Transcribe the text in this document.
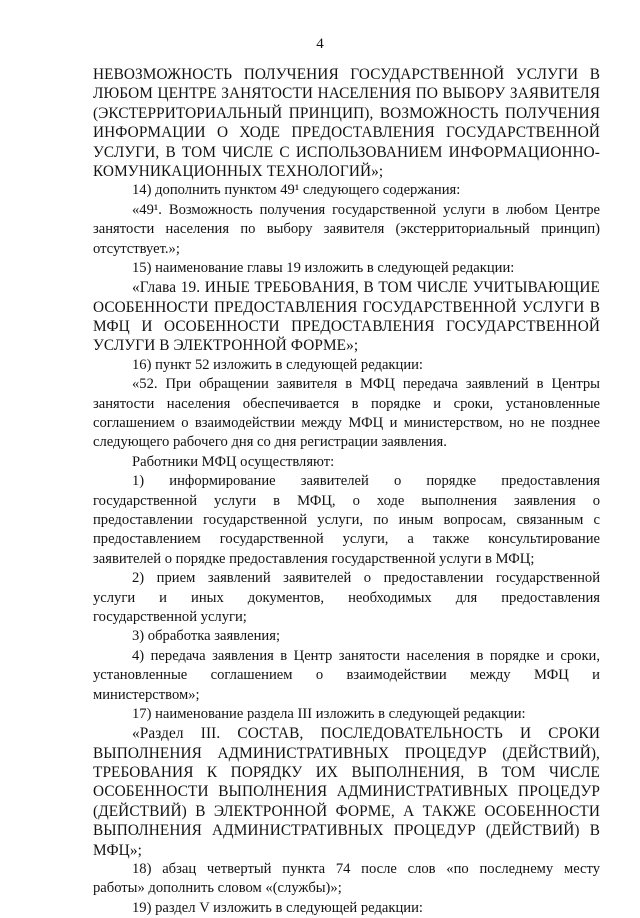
4
НЕВОЗМОЖНОСТЬ ПОЛУЧЕНИЯ ГОСУДАРСТВЕННОЙ УСЛУГИ В
ЛЮБОМ ЦЕНТРЕ ЗАНЯТОСТИ НАСЕЛЕНИЯ ПО ВЫБОРУ ЗАЯВИТЕЛЯ
(ЭКСТЕРРИТОРИАЛЬНЫЙ ПРИНЦИП), ВОЗМОЖНОСТЬ ПОЛУЧЕНИЯ
ИНФОРМАЦИИ О ХОДЕ ПРЕДОСТАВЛЕНИЯ ГОСУДАРСТВЕННОЙ
УСЛУГИ, В ТОМ ЧИСЛЕ С ИСПОЛЬЗОВАНИЕМ ИНФОРМАЦИОННО-
КОМУНИКАЦИОННЫХ ТЕХНОЛОГИЙ»;
14) дополнить пунктом 49¹ следующего содержания:
«49¹. Возможность получения государственной услуги в любом Центре
занятости населения по выбору заявителя (экстерриториальный принцип)
отсутствует.»;
15) наименование главы 19 изложить в следующей редакции:
«Глава 19. ИНЫЕ ТРЕБОВАНИЯ, В ТОМ ЧИСЛЕ УЧИТЫВАЮЩИЕ
ОСОБЕННОСТИ ПРЕДОСТАВЛЕНИЯ ГОСУДАРСТВЕННОЙ УСЛУГИ В
МФЦ И ОСОБЕННОСТИ ПРЕДОСТАВЛЕНИЯ ГОСУДАРСТВЕННОЙ
УСЛУГИ В ЭЛЕКТРОННОЙ ФОРМЕ»;
16) пункт 52 изложить в следующей редакции:
«52. При обращении заявителя в МФЦ передача заявлений в Центры
занятости населения обеспечивается в порядке и сроки, установленные
соглашением о взаимодействии между МФЦ и министерством, но не позднее
следующего рабочего дня со дня регистрации заявления.
Работники МФЦ осуществляют:
1) информирование заявителей о порядке предоставления
государственной услуги в МФЦ, о ходе выполнения заявления о
предоставлении государственной услуги, по иным вопросам, связанным с
предоставлением государственной услуги, а также консультирование
заявителей о порядке предоставления государственной услуги в МФЦ;
2) прием заявлений заявителей о предоставлении государственной
услуги и иных документов, необходимых для предоставления
государственной услуги;
3) обработка заявления;
4) передача заявления в Центр занятости населения в порядке и сроки,
установленные соглашением о взаимодействии между МФЦ и
министерством»;
17) наименование раздела III изложить в следующей редакции:
«Раздел III. СОСТАВ, ПОСЛЕДОВАТЕЛЬНОСТЬ И СРОКИ
ВЫПОЛНЕНИЯ АДМИНИСТРАТИВНЫХ ПРОЦЕДУР (ДЕЙСТВИЙ),
ТРЕБОВАНИЯ К ПОРЯДКУ ИХ ВЫПОЛНЕНИЯ, В ТОМ ЧИСЛЕ
ОСОБЕННОСТИ ВЫПОЛНЕНИЯ АДМИНИСТРАТИВНЫХ ПРОЦЕДУР
(ДЕЙСТВИЙ) В ЭЛЕКТРОННОЙ ФОРМЕ, А ТАКЖЕ ОСОБЕННОСТИ
ВЫПОЛНЕНИЯ АДМИНИСТРАТИВНЫХ ПРОЦЕДУР (ДЕЙСТВИЙ) В
МФЦ»;
18) абзац четвертый пункта 74 после слов «по последнему месту
работы» дополнить словом «(службы)»;
19) раздел V изложить в следующей редакции:
